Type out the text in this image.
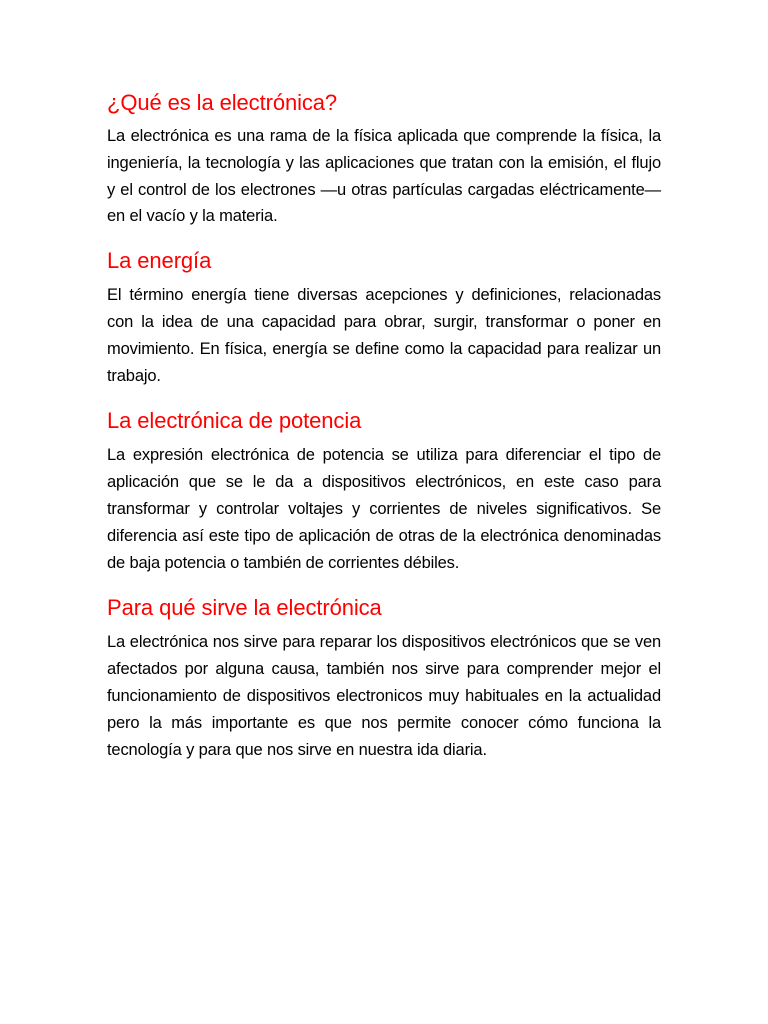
¿Qué es la electrónica?

La electrónica es una rama de la física aplicada que comprende la física, la ingeniería, la tecnología y las aplicaciones que tratan con la emisión, el flujo y el control de los electrones —u otras partículas cargadas eléctricamente— en el vacío y la materia.

La energía

El término energía tiene diversas acepciones y definiciones, relacionadas con la idea de una capacidad para obrar, surgir, transformar o poner en movimiento. En física, energía se define como la capacidad para realizar un trabajo.

La electrónica de potencia

La expresión electrónica de potencia se utiliza para diferenciar el tipo de aplicación que se le da a dispositivos electrónicos, en este caso para transformar y controlar voltajes y corrientes de niveles significativos. Se diferencia así este tipo de aplicación de otras de la electrónica denominadas de baja potencia o también de corrientes débiles.

Para qué sirve la electrónica

La electrónica nos sirve para reparar los dispositivos electrónicos que se ven afectados por alguna causa, también nos sirve para comprender mejor el funcionamiento de dispositivos electronicos muy habituales en la actualidad pero la más importante es que nos permite conocer cómo funciona la tecnología y para que nos sirve en nuestra ida diaria.
